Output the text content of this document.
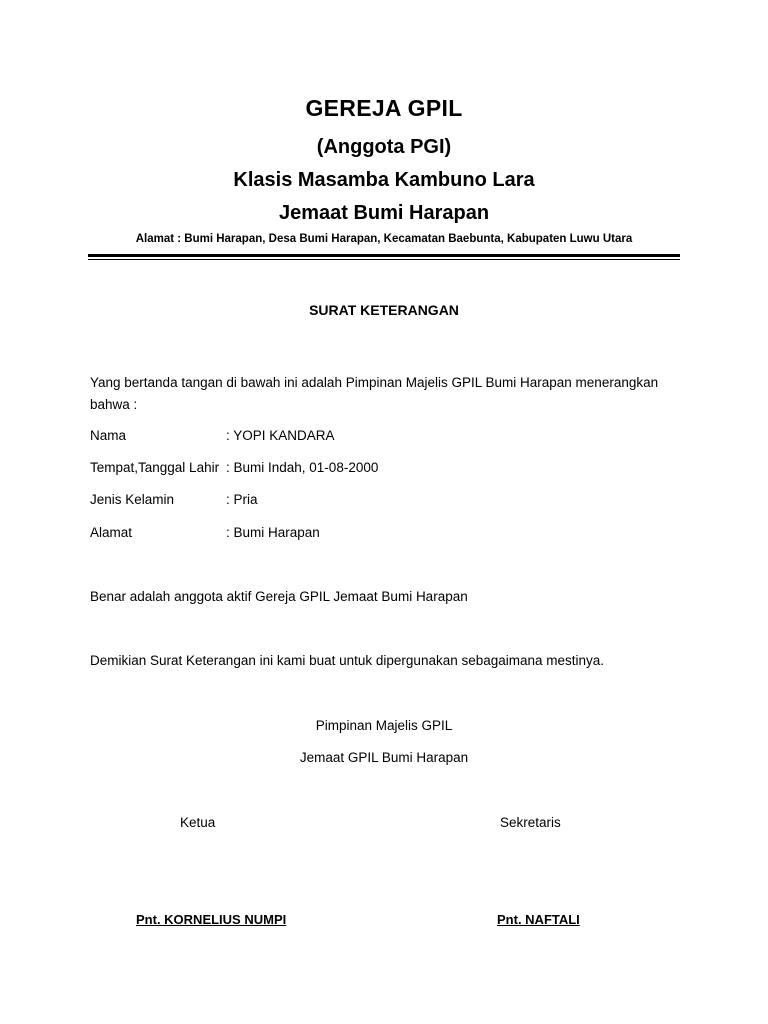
GEREJA GPIL
(Anggota PGI)
Klasis Masamba Kambuno Lara
Jemaat Bumi Harapan
Alamat : Bumi Harapan, Desa Bumi Harapan, Kecamatan Baebunta, Kabupaten Luwu Utara
SURAT KETERANGAN
Yang bertanda tangan di bawah ini adalah Pimpinan Majelis GPIL Bumi Harapan menerangkan bahwa :
Nama	: YOPI KANDARA
Tempat,Tanggal Lahir : Bumi Indah, 01-08-2000
Jenis Kelamin	: Pria
Alamat	: Bumi Harapan
Benar adalah anggota aktif Gereja GPIL Jemaat Bumi Harapan
Demikian Surat Keterangan ini kami buat untuk dipergunakan sebagaimana mestinya.
Pimpinan Majelis GPIL
Jemaat GPIL Bumi Harapan
Ketua	Sekretaris
Pnt. KORNELIUS NUMPI	Pnt. NAFTALI
